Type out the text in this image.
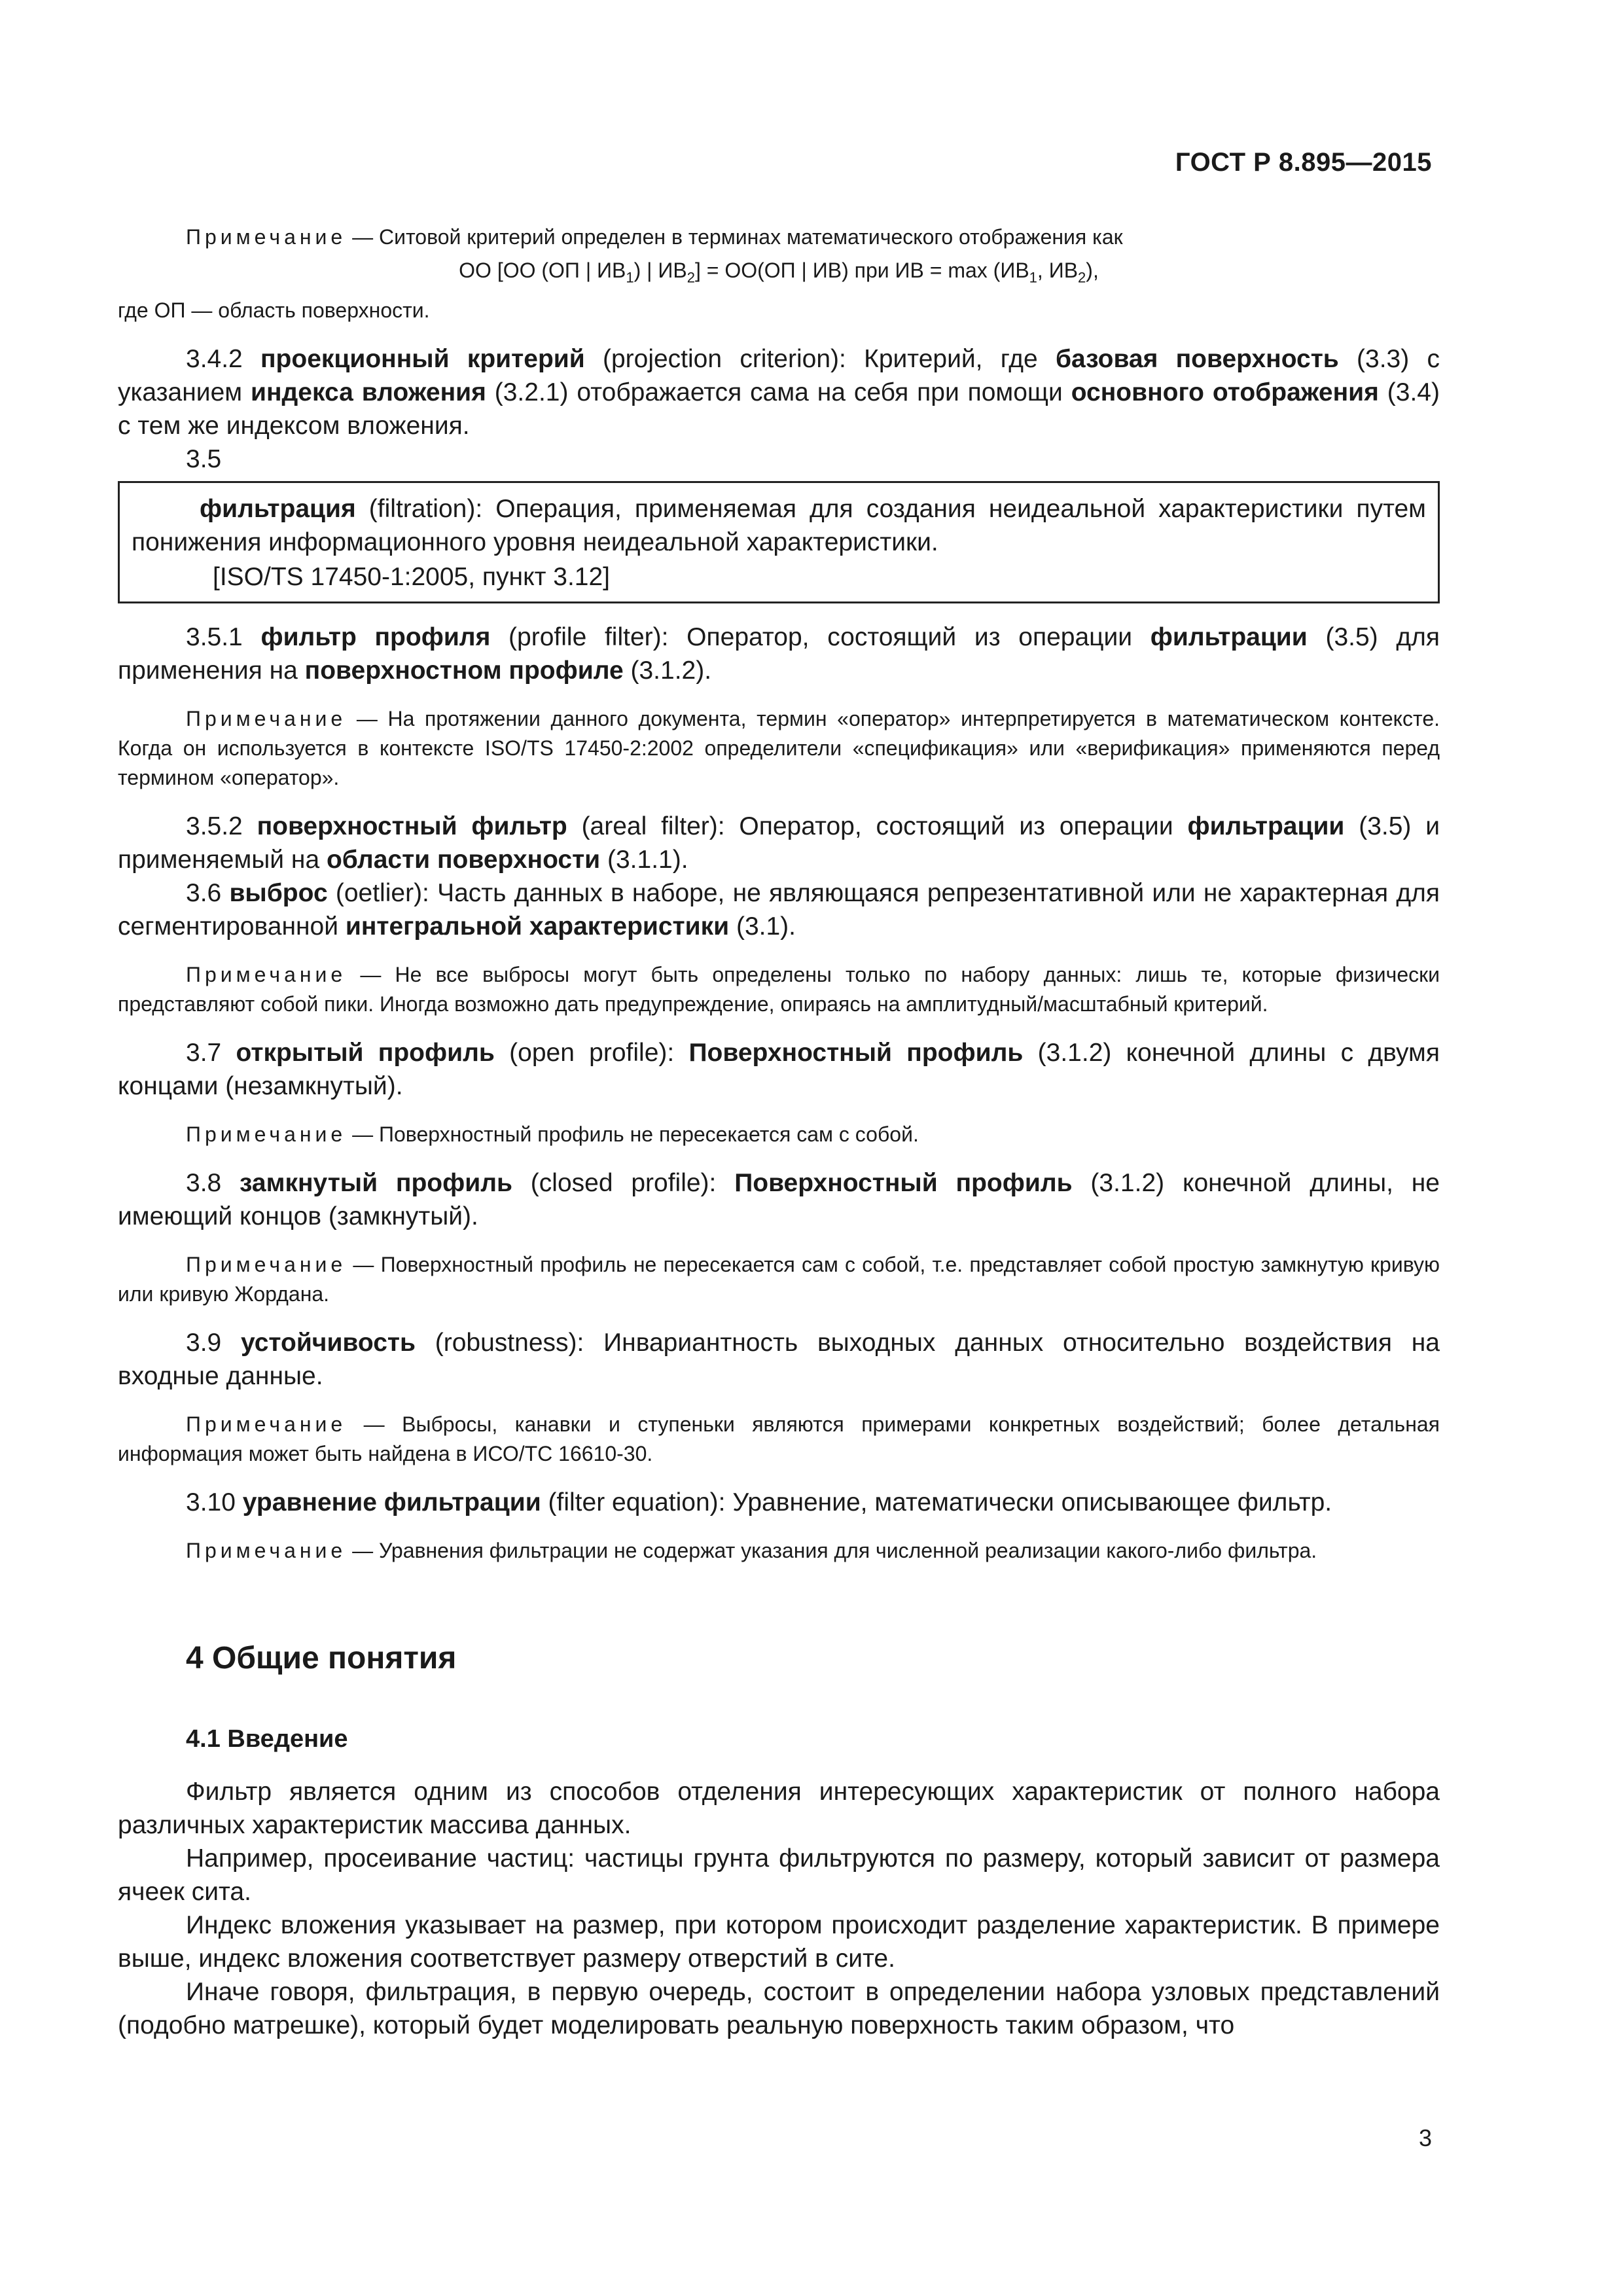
ГОСТ Р 8.895—2015

Примечание — Ситовой критерий определен в терминах математического отображения как

ОО [ОО (ОП | $ИВ_1$) | $ИВ_2] = ОО(ОП$ | ИВ) при ИВ = $\max (ИВ_1$, $ИВ_2$),

где ОП — область поверхности.

3.4.2 проекционный критерий (projection criterion): Критерий, где базовая поверхность (3.3) с указанием индекса вложения (3.2.1) отображается сама на себя при помощи основного отображения (3.4) с тем же индексом вложения.

3.5

фильтрация (filtration): Операция, применяемая для создания неидеальной характеристики путем понижения информационного уровня неидеальной характеристики.

[ISO/TS 17450-1:2005, пункт 3.12]

3.5.1 фильтр профиля (profile filter): Оператор, состоящий из операции фильтрации (3.5) для применения на поверхностном профиле (3.1.2).

Примечание — На протяжении данного документа, термин «оператор» интерпретируется в математическом контексте. Когда он используется в контексте ISO/TS 17450-2:2002 определители «спецификация» или «верификация» применяются перед термином «оператор».

3.5.2 поверхностный фильтр (areal filter): Оператор, состоящий из операции фильтрации (3.5) и применяемый на области поверхности (3.1.1).

3.6 выброс (oetlier): Часть данных в наборе, не являющаяся репрезентативной или не характерная для сегментированной интегральной характеристики (3.1).

Примечание — Не все выбросы могут быть определены только по набору данных: лишь те, которые физически представляют собой пики. Иногда возможно дать предупреждение, опираясь на амплитудный/масштабный критерий.

3.7 открытый профиль (open profile): Поверхностный профиль (3.1.2) конечной длины с двумя концами (незамкнутый).

Примечание — Поверхностный профиль не пересекается сам с собой.

3.8 замкнутый профиль (closed profile): Поверхностный профиль (3.1.2) конечной длины, не имеющий концов (замкнутый).

Примечание — Поверхностный профиль не пересекается сам с собой, т.е. представляет собой простую замкнутую кривую или кривую Жордана.

3.9 устойчивость (robustness): Инвариантность выходных данных относительно воздействия на входные данные.

Примечание — Выбросы, канавки и ступеньки являются примерами конкретных воздействий; более детальная информация может быть найдена в ИСО/ТС 16610-30.

3.10 уравнение фильтрации (filter equation): Уравнение, математически описывающее фильтр.

Примечание — Уравнения фильтрации не содержат указания для численной реализации какого-либо фильтра.

4 Общие понятия
4.1 Введение

Фильтр является одним из способов отделения интересующих характеристик от полного набора различных характеристик массива данных.

Например, просеивание частиц: частицы грунта фильтруются по размеру, который зависит от размера ячеек сита.

Индекс вложения указывает на размер, при котором происходит разделение характеристик. В примере выше, индекс вложения соответствует размеру отверстий в сите.

Иначе говоря, фильтрация, в первую очередь, состоит в определении набора узловых представлений (подобно матрешке), который будет моделировать реальную поверхность таким образом, что

3
